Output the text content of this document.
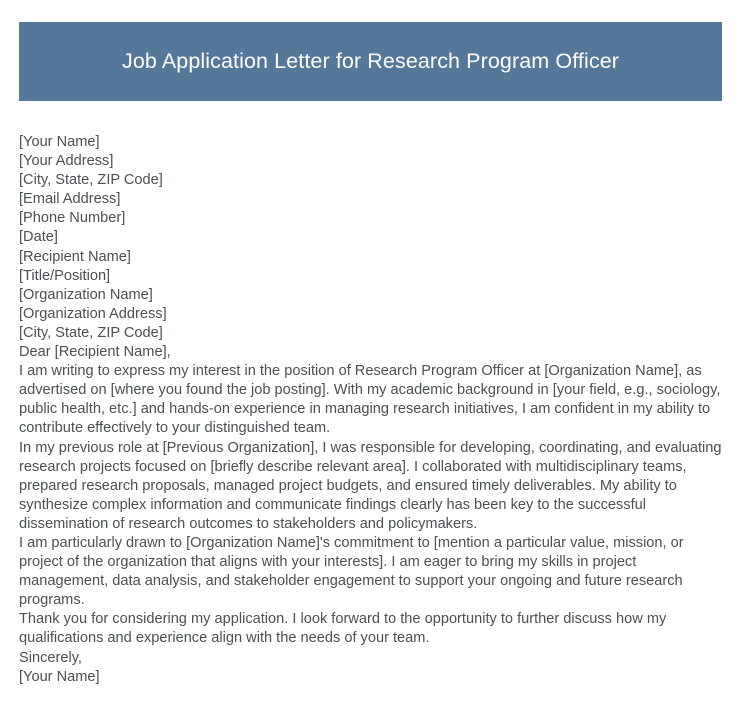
Job Application Letter for Research Program Officer

[Your Name]

[Your Address]

[City, State, ZIP Code]

[Email Address]

[Phone Number]

[Date]

[Recipient Name]

[Title/Position]

[Organization Name]

[Organization Address]

[City, State, ZIP Code]

Dear [Recipient Name],

I am writing to express my interest in the position of Research Program Officer at [Organization Name], as advertised on [where you found the job posting]. With my academic background in [your field, e.g., sociology, public health, etc.] and hands-on experience in managing research initiatives, I am confident in my ability to contribute effectively to your distinguished team.

In my previous role at [Previous Organization], I was responsible for developing, coordinating, and evaluating research projects focused on [briefly describe relevant area]. I collaborated with multidisciplinary teams, prepared research proposals, managed project budgets, and ensured timely deliverables. My ability to synthesize complex information and communicate findings clearly has been key to the successful dissemination of research outcomes to stakeholders and policymakers.

I am particularly drawn to [Organization Name]'s commitment to [mention a particular value, mission, or project of the organization that aligns with your interests]. I am eager to bring my skills in project management, data analysis, and stakeholder engagement to support your ongoing and future research programs.

Thank you for considering my application. I look forward to the opportunity to further discuss how my qualifications and experience align with the needs of your team.

Sincerely,

[Your Name]
